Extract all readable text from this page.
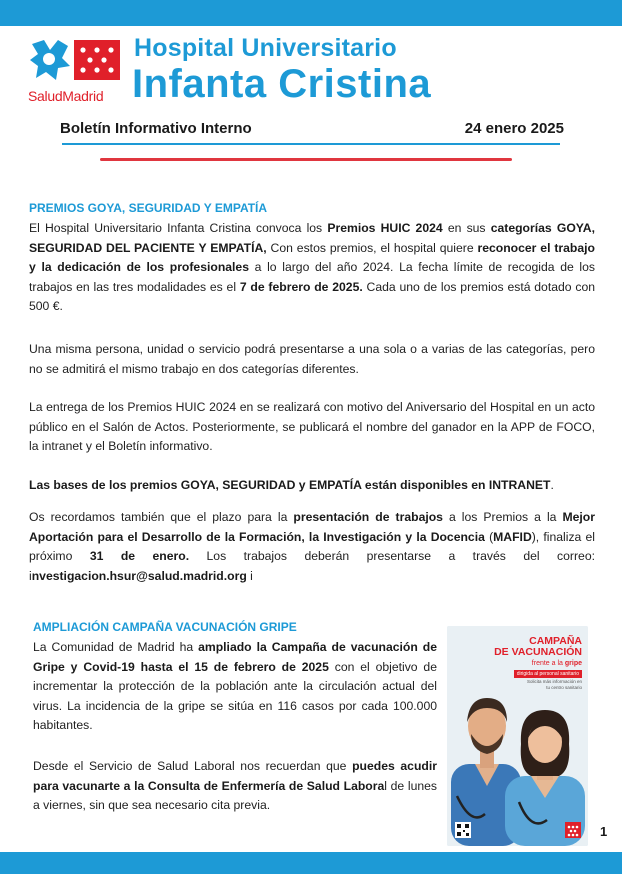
SaludMadrid
Hospital Universitario
Infanta Cristina
Boletín Informativo Interno	24 enero 2025
PREMIOS GOYA, SEGURIDAD Y EMPATÍA
El Hospital Universitario Infanta Cristina convoca los Premios HUIC 2024 en sus categorías GOYA, SEGURIDAD DEL PACIENTE Y EMPATÍA, Con estos premios, el hospital quiere reconocer el trabajo y la dedicación de los profesionales a lo largo del año 2024. La fecha límite de recogida de los trabajos en las tres modalidades es el 7 de febrero de 2025. Cada uno de los premios está dotado con 500 €.
Una misma persona, unidad o servicio podrá presentarse a una sola o a varias de las categorías, pero no se admitirá el mismo trabajo en dos categorías diferentes.
La entrega de los Premios HUIC 2024 en se realizará con motivo del Aniversario del Hospital en un acto público en el Salón de Actos. Posteriormente, se publicará el nombre del ganador en la APP de FOCO, la intranet y el Boletín informativo.
Las bases de los premios GOYA, SEGURIDAD y EMPATÍA están disponibles en INTRANET.
Os recordamos también que el plazo para la presentación de trabajos a los Premios a la Mejor Aportación para el Desarrollo de la Formación, la Investigación y la Docencia (MAFID), finaliza el próximo 31 de enero. Los trabajos deberán presentarse a través del correo: investigacion.hsur@salud.madrid.org i
AMPLIACIÓN CAMPAÑA VACUNACIÓN GRIPE
La Comunidad de Madrid ha ampliado la Campaña de vacunación de Gripe y Covid-19 hasta el 15 de febrero de 2025 con el objetivo de incrementar la protección de la población ante la circulación actual del virus. La incidencia de la gripe se sitúa en 116 casos por cada 100.000 habitantes.
Desde el Servicio de Salud Laboral nos recuerdan que puedes acudir para vacunarte a la Consulta de Enfermería de Salud Laboral de lunes a viernes, sin que sea necesario cita previa.
CAMPAÑA
DE VACUNACIÓN
frente a la gripe
dirigida al personal sanitario
Solicita más información en tu centro sanitario
1
